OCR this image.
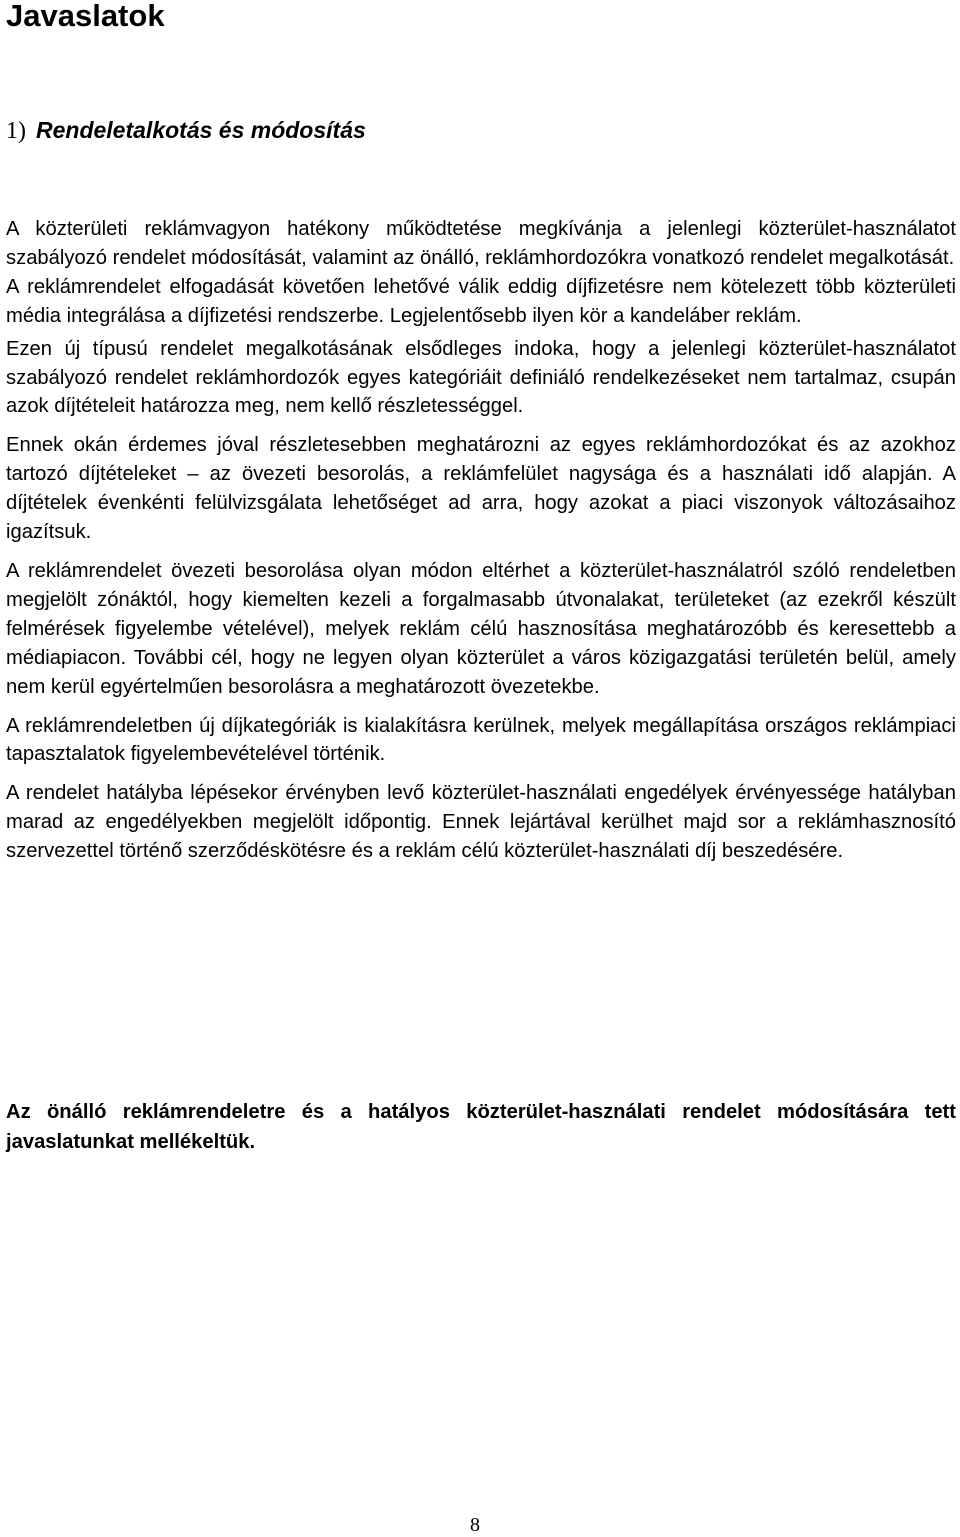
Javaslatok
1) Rendeletalkotás és módosítás

A közterületi reklámvagyon hatékony működtetése megkívánja a jelenlegi közterület-használatot szabályozó rendelet módosítását, valamint az önálló, reklámhordozókra vonatkozó rendelet megalkotását.

A reklámrendelet elfogadását követően lehetővé válik eddig díjfizetésre nem kötelezett több közterületi média integrálása a díjfizetési rendszerbe. Legjelentősebb ilyen kör a kandeláber reklám.

Ezen új típusú rendelet megalkotásának elsődleges indoka, hogy a jelenlegi közterület-használatot szabályozó rendelet reklámhordozók egyes kategóriáit definiáló rendelkezéseket nem tartalmaz, csupán azok díjtételeit határozza meg, nem kellő részletességgel.

Ennek okán érdemes jóval részletesebben meghatározni az egyes reklámhordozókat és az azokhoz tartozó díjtételeket – az övezeti besorolás, a reklámfelület nagysága és a használati idő alapján. A díjtételek évenkénti felülvizsgálata lehetőséget ad arra, hogy azokat a piaci viszonyok változásaihoz igazítsuk.

A reklámrendelet övezeti besorolása olyan módon eltérhet a közterület-használatról szóló rendeletben megjelölt zónáktól, hogy kiemelten kezeli a forgalmasabb útvonalakat, területeket (az ezekről készült felmérések figyelembe vételével), melyek reklám célú hasznosítása meghatározóbb és keresettebb a médiapiacon. További cél, hogy ne legyen olyan közterület a város közigazgatási területén belül, amely nem kerül egyértelműen besorolásra a meghatározott övezetekbe.

A reklámrendeletben új díjkategóriák is kialakításra kerülnek, melyek megállapítása országos reklámpiaci tapasztalatok figyelembevételével történik.

A rendelet hatályba lépésekor érvényben levő közterület-használati engedélyek érvényessége hatályban marad az engedélyekben megjelölt időpontig. Ennek lejártával kerülhet majd sor a reklámhasznosító szervezettel történő szerződéskötésre és a reklám célú közterület-használati díj beszedésére.

Az önálló reklámrendeletre és a hatályos közterület-használati rendelet módosítására tett javaslatunkat mellékeltük.

8
